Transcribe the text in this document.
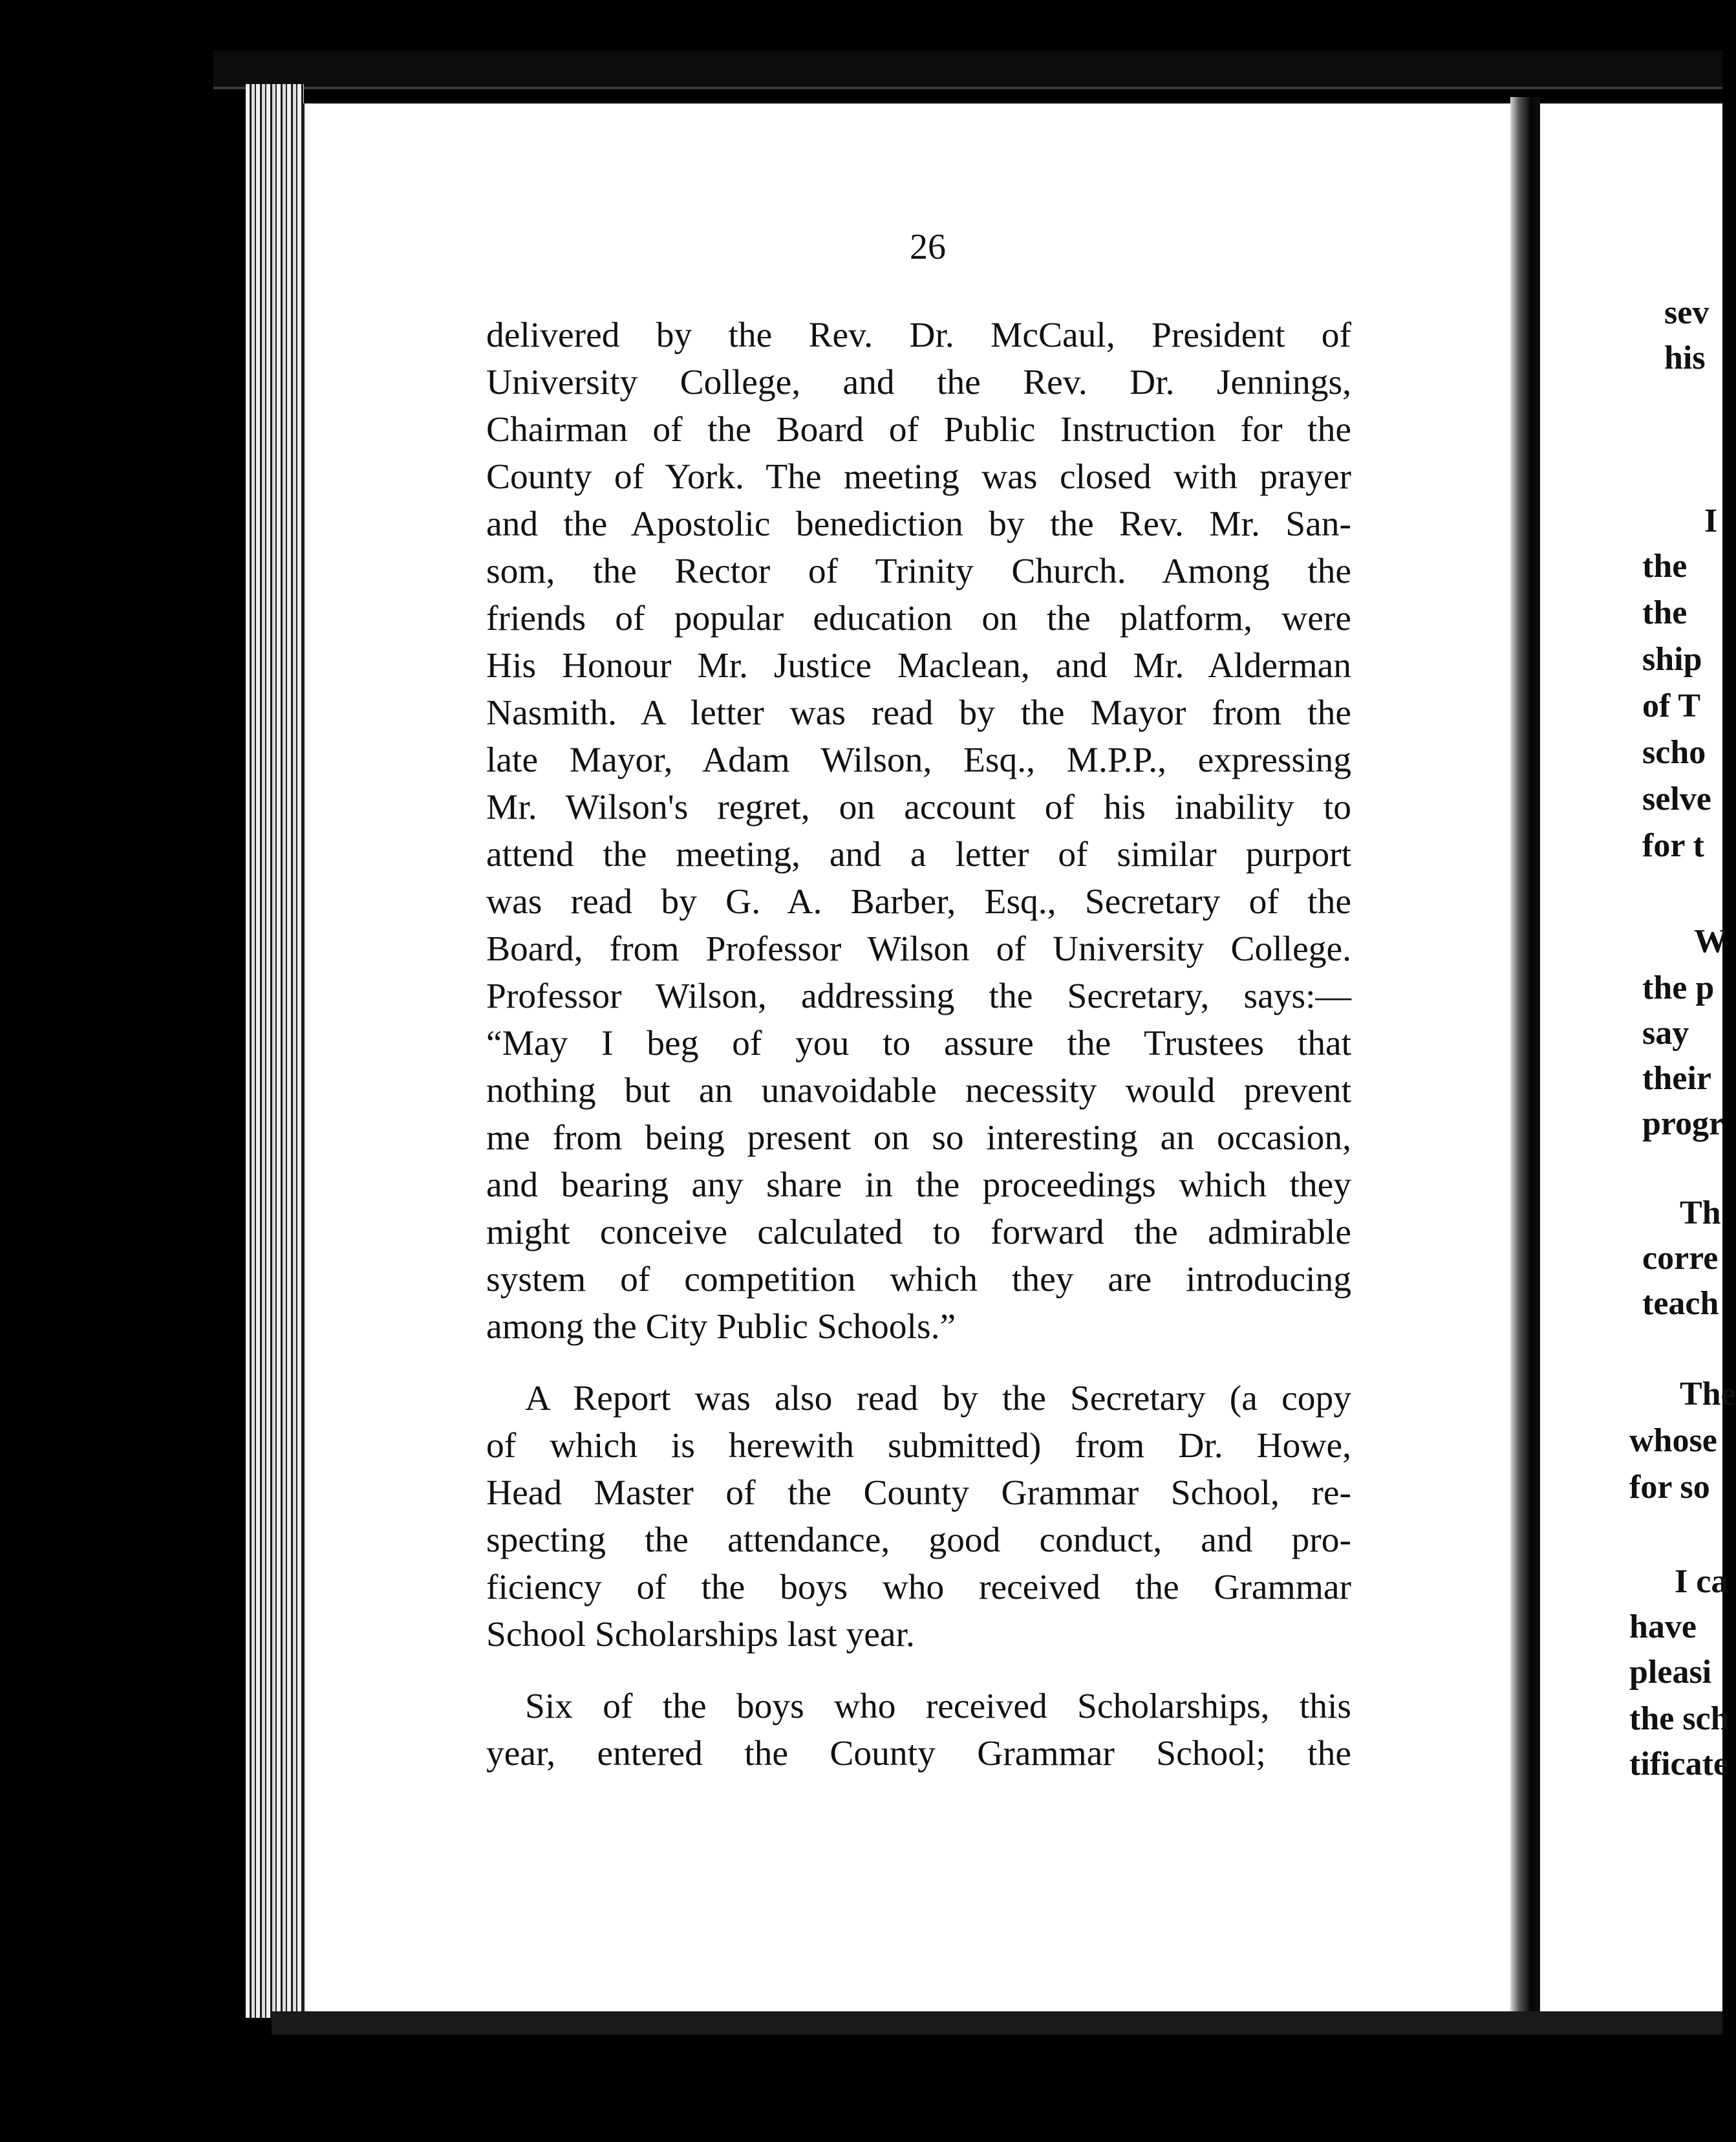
26
delivered by the Rev. Dr. McCaul, President of
University College, and the Rev. Dr. Jennings,
Chairman of the Board of Public Instruction for the
County of York. The meeting was closed with prayer
and the Apostolic benediction by the Rev. Mr. San-
som, the Rector of Trinity Church. Among the
friends of popular education on the platform, were
His Honour Mr. Justice Maclean, and Mr. Alderman
Nasmith. A letter was read by the Mayor from the
late Mayor, Adam Wilson, Esq., M.P.P., expressing
Mr. Wilson's regret, on account of his inability to
attend the meeting, and a letter of similar purport
was read by G. A. Barber, Esq., Secretary of the
Board, from Professor Wilson of University College.
Professor Wilson, addressing the Secretary, says:—
“May I beg of you to assure the Trustees that
nothing but an unavoidable necessity would prevent
me from being present on so interesting an occasion,
and bearing any share in the proceedings which they
might conceive calculated to forward the admirable
system of competition which they are introducing
among the City Public Schools.”
A Report was also read by the Secretary (a copy
of which is herewith submitted) from Dr. Howe,
Head Master of the County Grammar School, re-
specting the attendance, good conduct, and pro-
ficiency of the boys who received the Grammar
School Scholarships last year.
Six of the boys who received Scholarships, this
year, entered the County Grammar School; the
sev
his
I
the
the
ship
of T
scho
selve
for t
W
the p
say
their
progr
Th
corre
teach
The
whose
for so
I ca
have
pleasi
the sch
tificate
